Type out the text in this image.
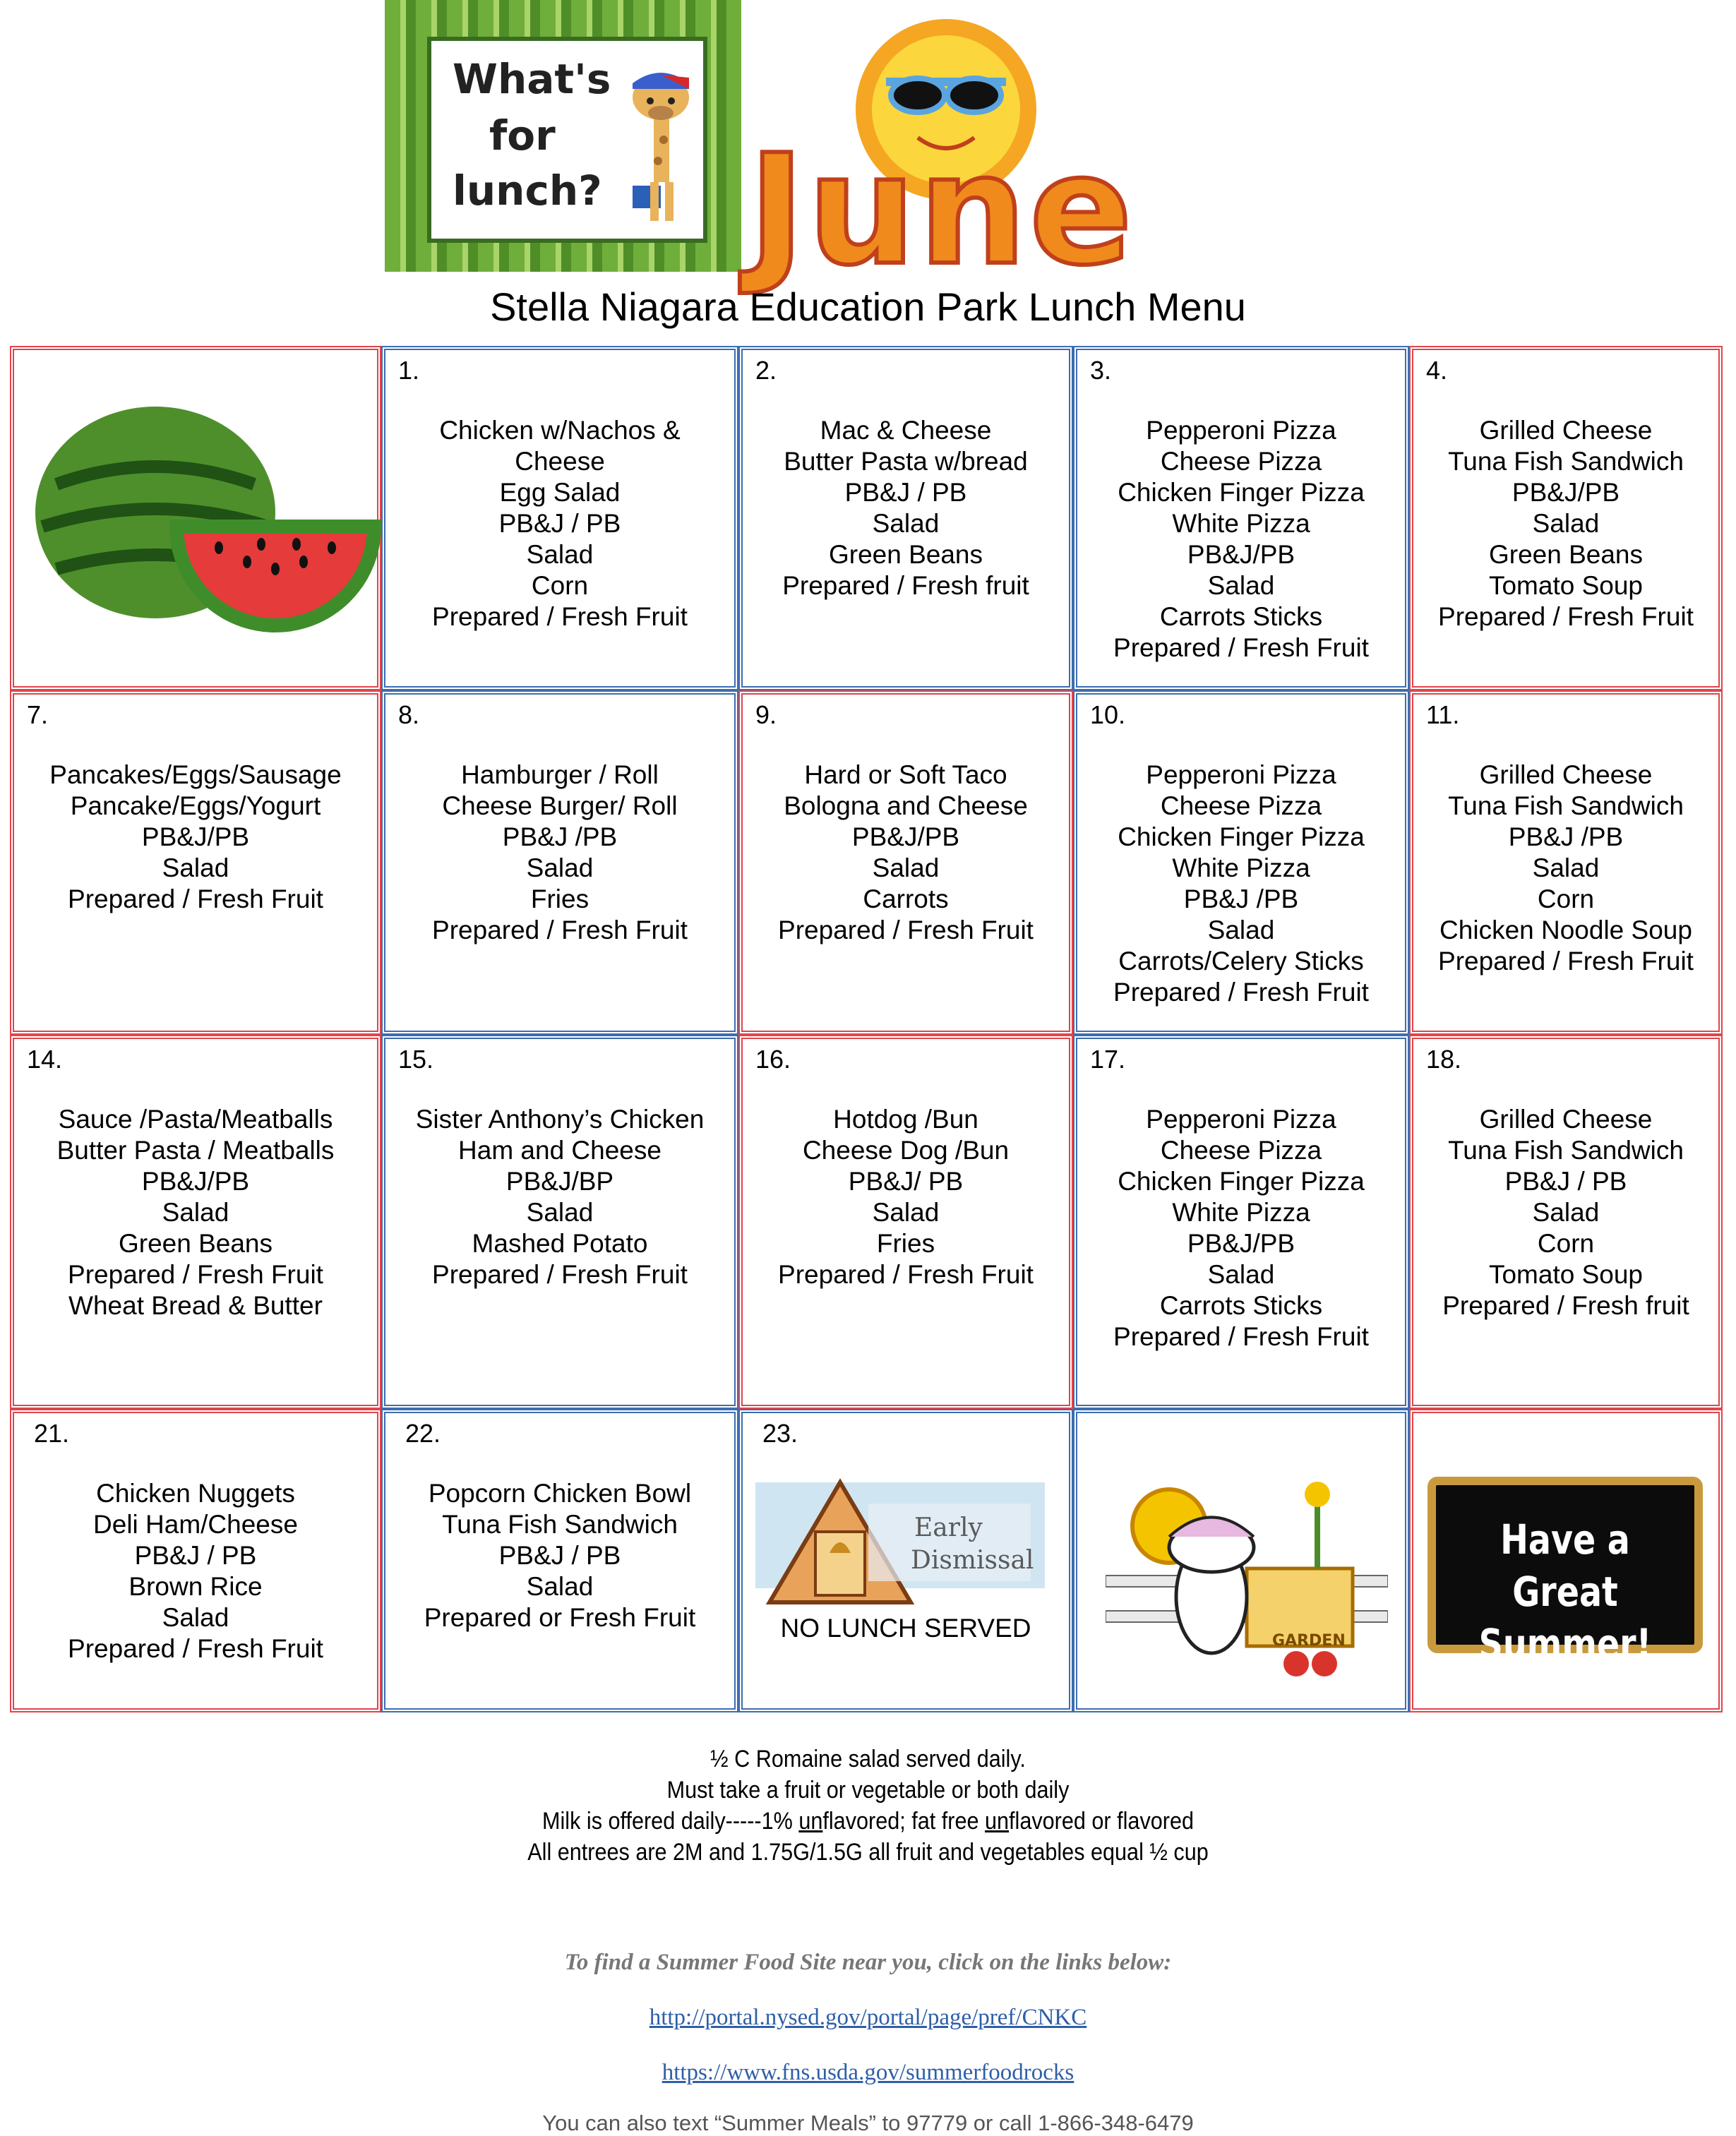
What's
for
lunch? June
Stella Niagara Education Park Lunch Menu
1.
Chicken w/Nachos &
Cheese
Egg Salad
PB&J / PB
Salad
Corn
Prepared / Fresh Fruit
2.
Mac & Cheese
Butter Pasta w/bread
PB&J / PB
Salad
Green Beans
Prepared / Fresh fruit
3.
Pepperoni Pizza
Cheese Pizza
Chicken Finger Pizza
White Pizza
PB&J/PB
Salad
Carrots Sticks
Prepared / Fresh Fruit
4.
Grilled Cheese
Tuna Fish Sandwich
PB&J/PB
Salad
Green Beans
Tomato Soup
Prepared / Fresh Fruit
7.
Pancakes/Eggs/Sausage
Pancake/Eggs/Yogurt
PB&J/PB
Salad
Prepared / Fresh Fruit
8.
Hamburger / Roll
Cheese Burger/ Roll
PB&J /PB
Salad
Fries
Prepared / Fresh Fruit
9.
Hard or Soft Taco
Bologna and Cheese
PB&J/PB
Salad
Carrots
Prepared / Fresh Fruit
10.
Pepperoni Pizza
Cheese Pizza
Chicken Finger Pizza
White Pizza
PB&J /PB
Salad
Carrots/Celery Sticks
Prepared / Fresh Fruit
11.
Grilled Cheese
Tuna Fish Sandwich
PB&J /PB
Salad
Corn
Chicken Noodle Soup
Prepared / Fresh Fruit
14.
Sauce /Pasta/Meatballs
Butter Pasta / Meatballs
PB&J/PB
Salad
Green Beans
Prepared / Fresh Fruit
Wheat Bread & Butter
15.
Sister Anthony’s Chicken
Ham and Cheese
PB&J/BP
Salad
Mashed Potato
Prepared / Fresh Fruit
16.
Hotdog /Bun
Cheese Dog /Bun
PB&J/ PB
Salad
Fries
Prepared / Fresh Fruit
17.
Pepperoni Pizza
Cheese Pizza
Chicken Finger Pizza
White Pizza
PB&J/PB
Salad
Carrots Sticks
Prepared / Fresh Fruit
18.
Grilled Cheese
Tuna Fish Sandwich
PB&J / PB
Salad
Corn
Tomato Soup
Prepared / Fresh fruit
21.
Chicken Nuggets
Deli Ham/Cheese
PB&J / PB
Brown Rice
Salad
Prepared / Fresh Fruit
22.
Popcorn Chicken Bowl
Tuna Fish Sandwich
PB&J / PB
Salad
Prepared or Fresh Fruit
23.
Early
Dismissal
NO LUNCH SERVED	GARDEN
Have a Great
Summer!
½ C Romaine salad served daily.
Must take a fruit or vegetable or both daily
Milk is offered daily-----1% unflavored; fat free unflavored or flavored
All entrees are 2M and 1.75G/1.5G all fruit and vegetables equal ½ cup
To find a Summer Food Site near you, click on the links below:
http://portal.nysed.gov/portal/page/pref/CNKC
https://www.fns.usda.gov/summerfoodrocks
You can also text “Summer Meals” to 97779 or call 1-866-348-6479
